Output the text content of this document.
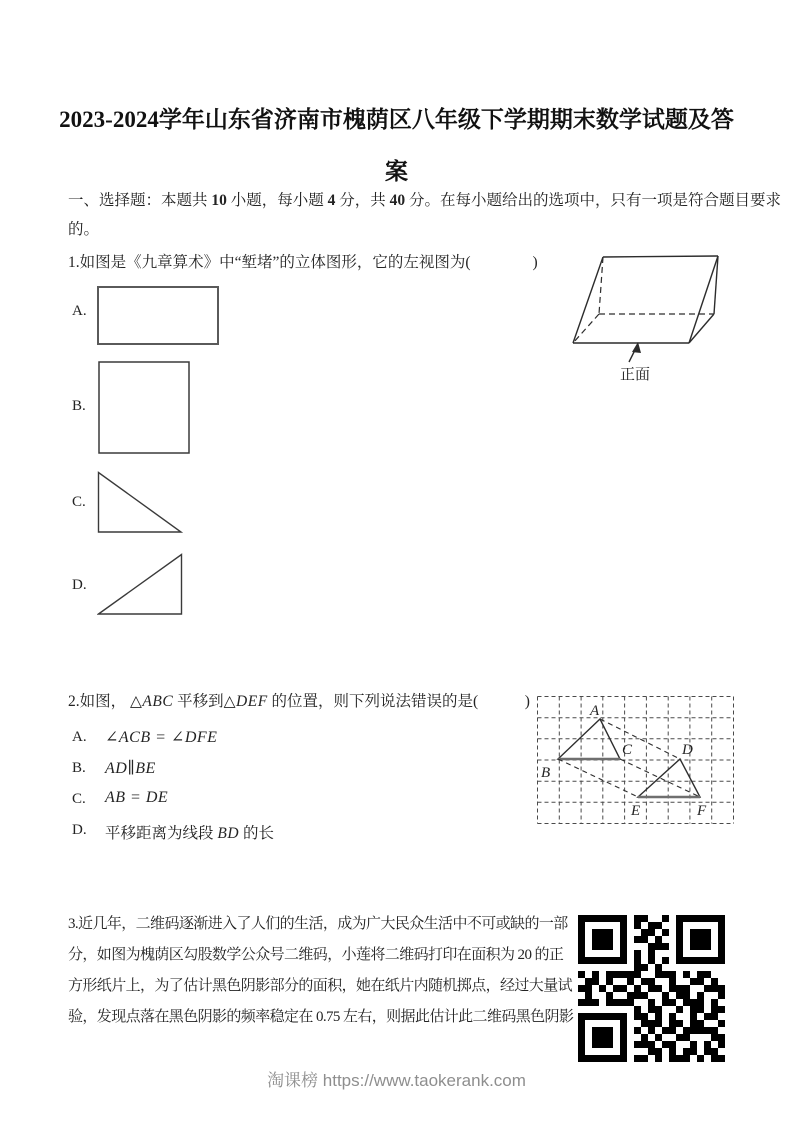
2023-2024学年山东省济南市槐荫区八年级下学期期末数学试题及答
案
一、选择题：本题共 10 小题，每小题 4 分，共 40 分。在每小题给出的选项中，只有一项是符合题目要求
的。
1.如图是《九章算术》中“堑堵”的立体图形，它的左视图为(　　　　)
A.
B.
C.
D.
正面
2.如图， △ABC 平移到△DEF 的位置，则下列说法错误的是(　　　)
A. ∠ACB = ∠DFE
B. AD∥BE
C. AB = DE
D. 平移距离为线段 BD 的长
A
B
C	D
E	F
3.近几年，二维码逐渐进入了人们的生活，成为广大民众生活中不可或缺的一部
分，如图为槐荫区勾股数学公众号二维码，小莲将二维码打印在面积为 20 的正
方形纸片上，为了估计黑色阴影部分的面积，她在纸片内随机掷点，经过大量试
验，发现点落在黑色阴影的频率稳定在 0.75 左右，则据此估计此二维码黑色阴影
淘课榜 https://www.taokerank.com
